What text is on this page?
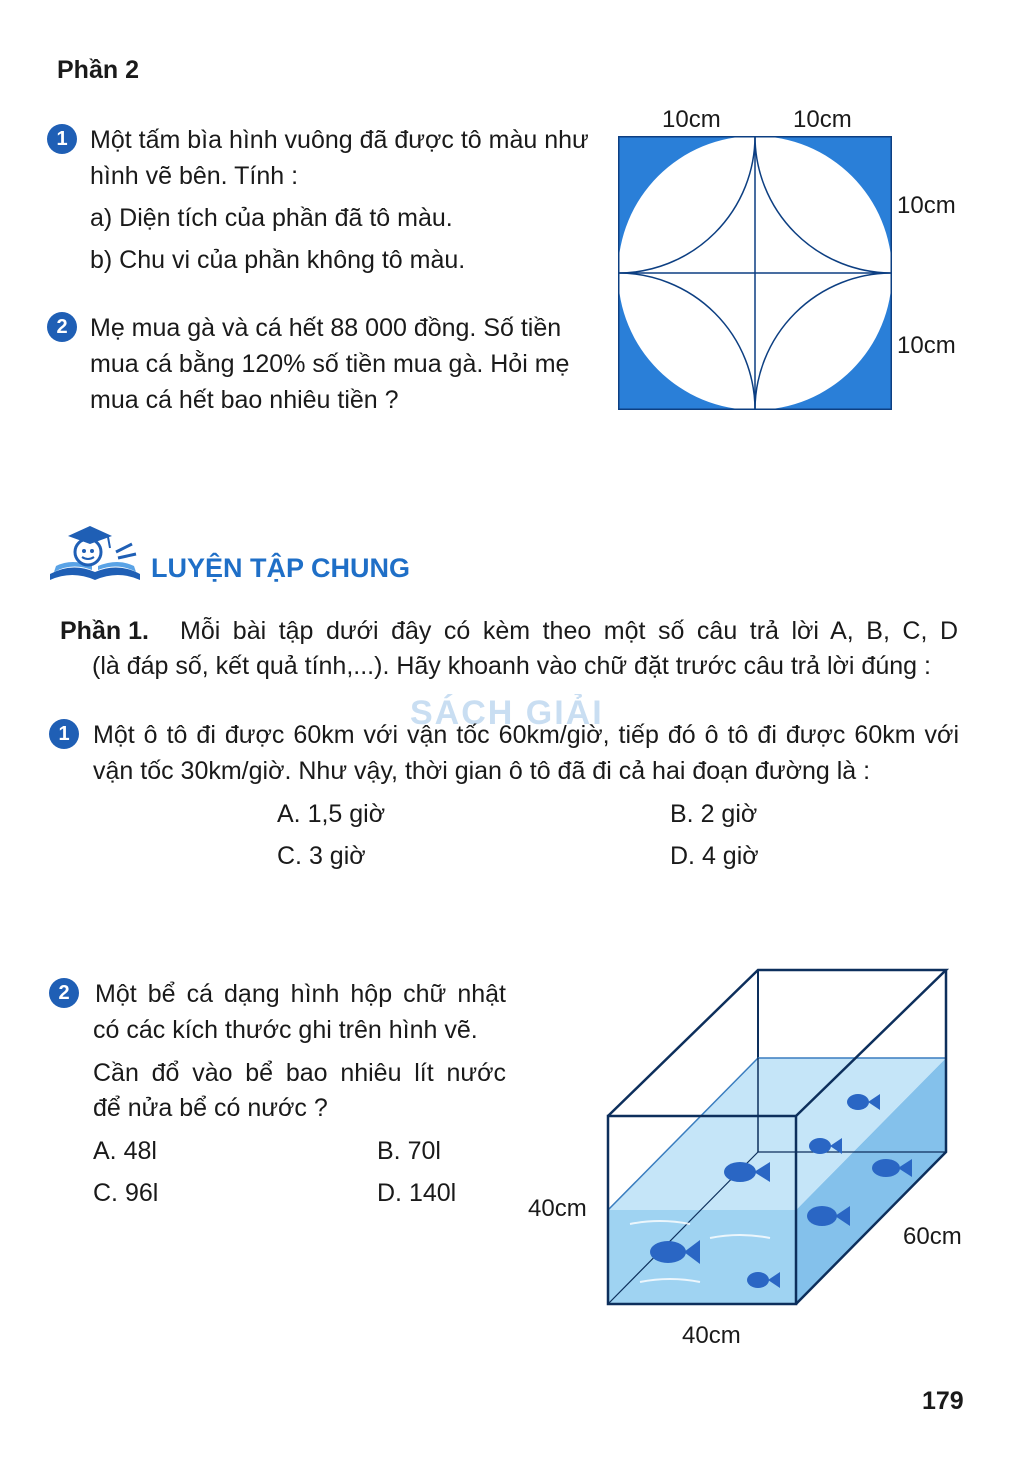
Phần 2
1 Một tấm bìa hình vuông đã được tô màu như
hình vẽ bên. Tính :
a) Diện tích của phần đã tô màu.
b) Chu vi của phần không tô màu.
2 Mẹ mua gà và cá hết 88 000 đồng. Số tiền
mua cá bằng 120% số tiền mua gà. Hỏi mẹ
mua cá hết bao nhiêu tiền ?
10cm	10cm
10cm
10cm
LUYỆN TẬP CHUNG
Phần 1. Mỗi bài tập dưới đây có kèm theo một số câu trả lời A, B, C, D
(là đáp số, kết quả tính,...). Hãy khoanh vào chữ đặt trước câu trả lời đúng :
SÁCH GIẢI
1 Một ô tô đi được 60km với vận tốc 60km/giờ, tiếp đó ô tô đi được 60km với
vận tốc 30km/giờ. Như vậy, thời gian ô tô đã đi cả hai đoạn đường là :
A. 1,5 giờ	B. 2 giờ
C. 3 giờ	D. 4 giờ
2	Một bể cá dạng hình hộp chữ nhật
có các kích thước ghi trên hình vẽ.
Cần đổ vào bể bao nhiêu lít nước
để nửa bể có nước ?
A. 48l	B. 70l
C. 96l	D. 140l
40cm
60cm
40cm
179
